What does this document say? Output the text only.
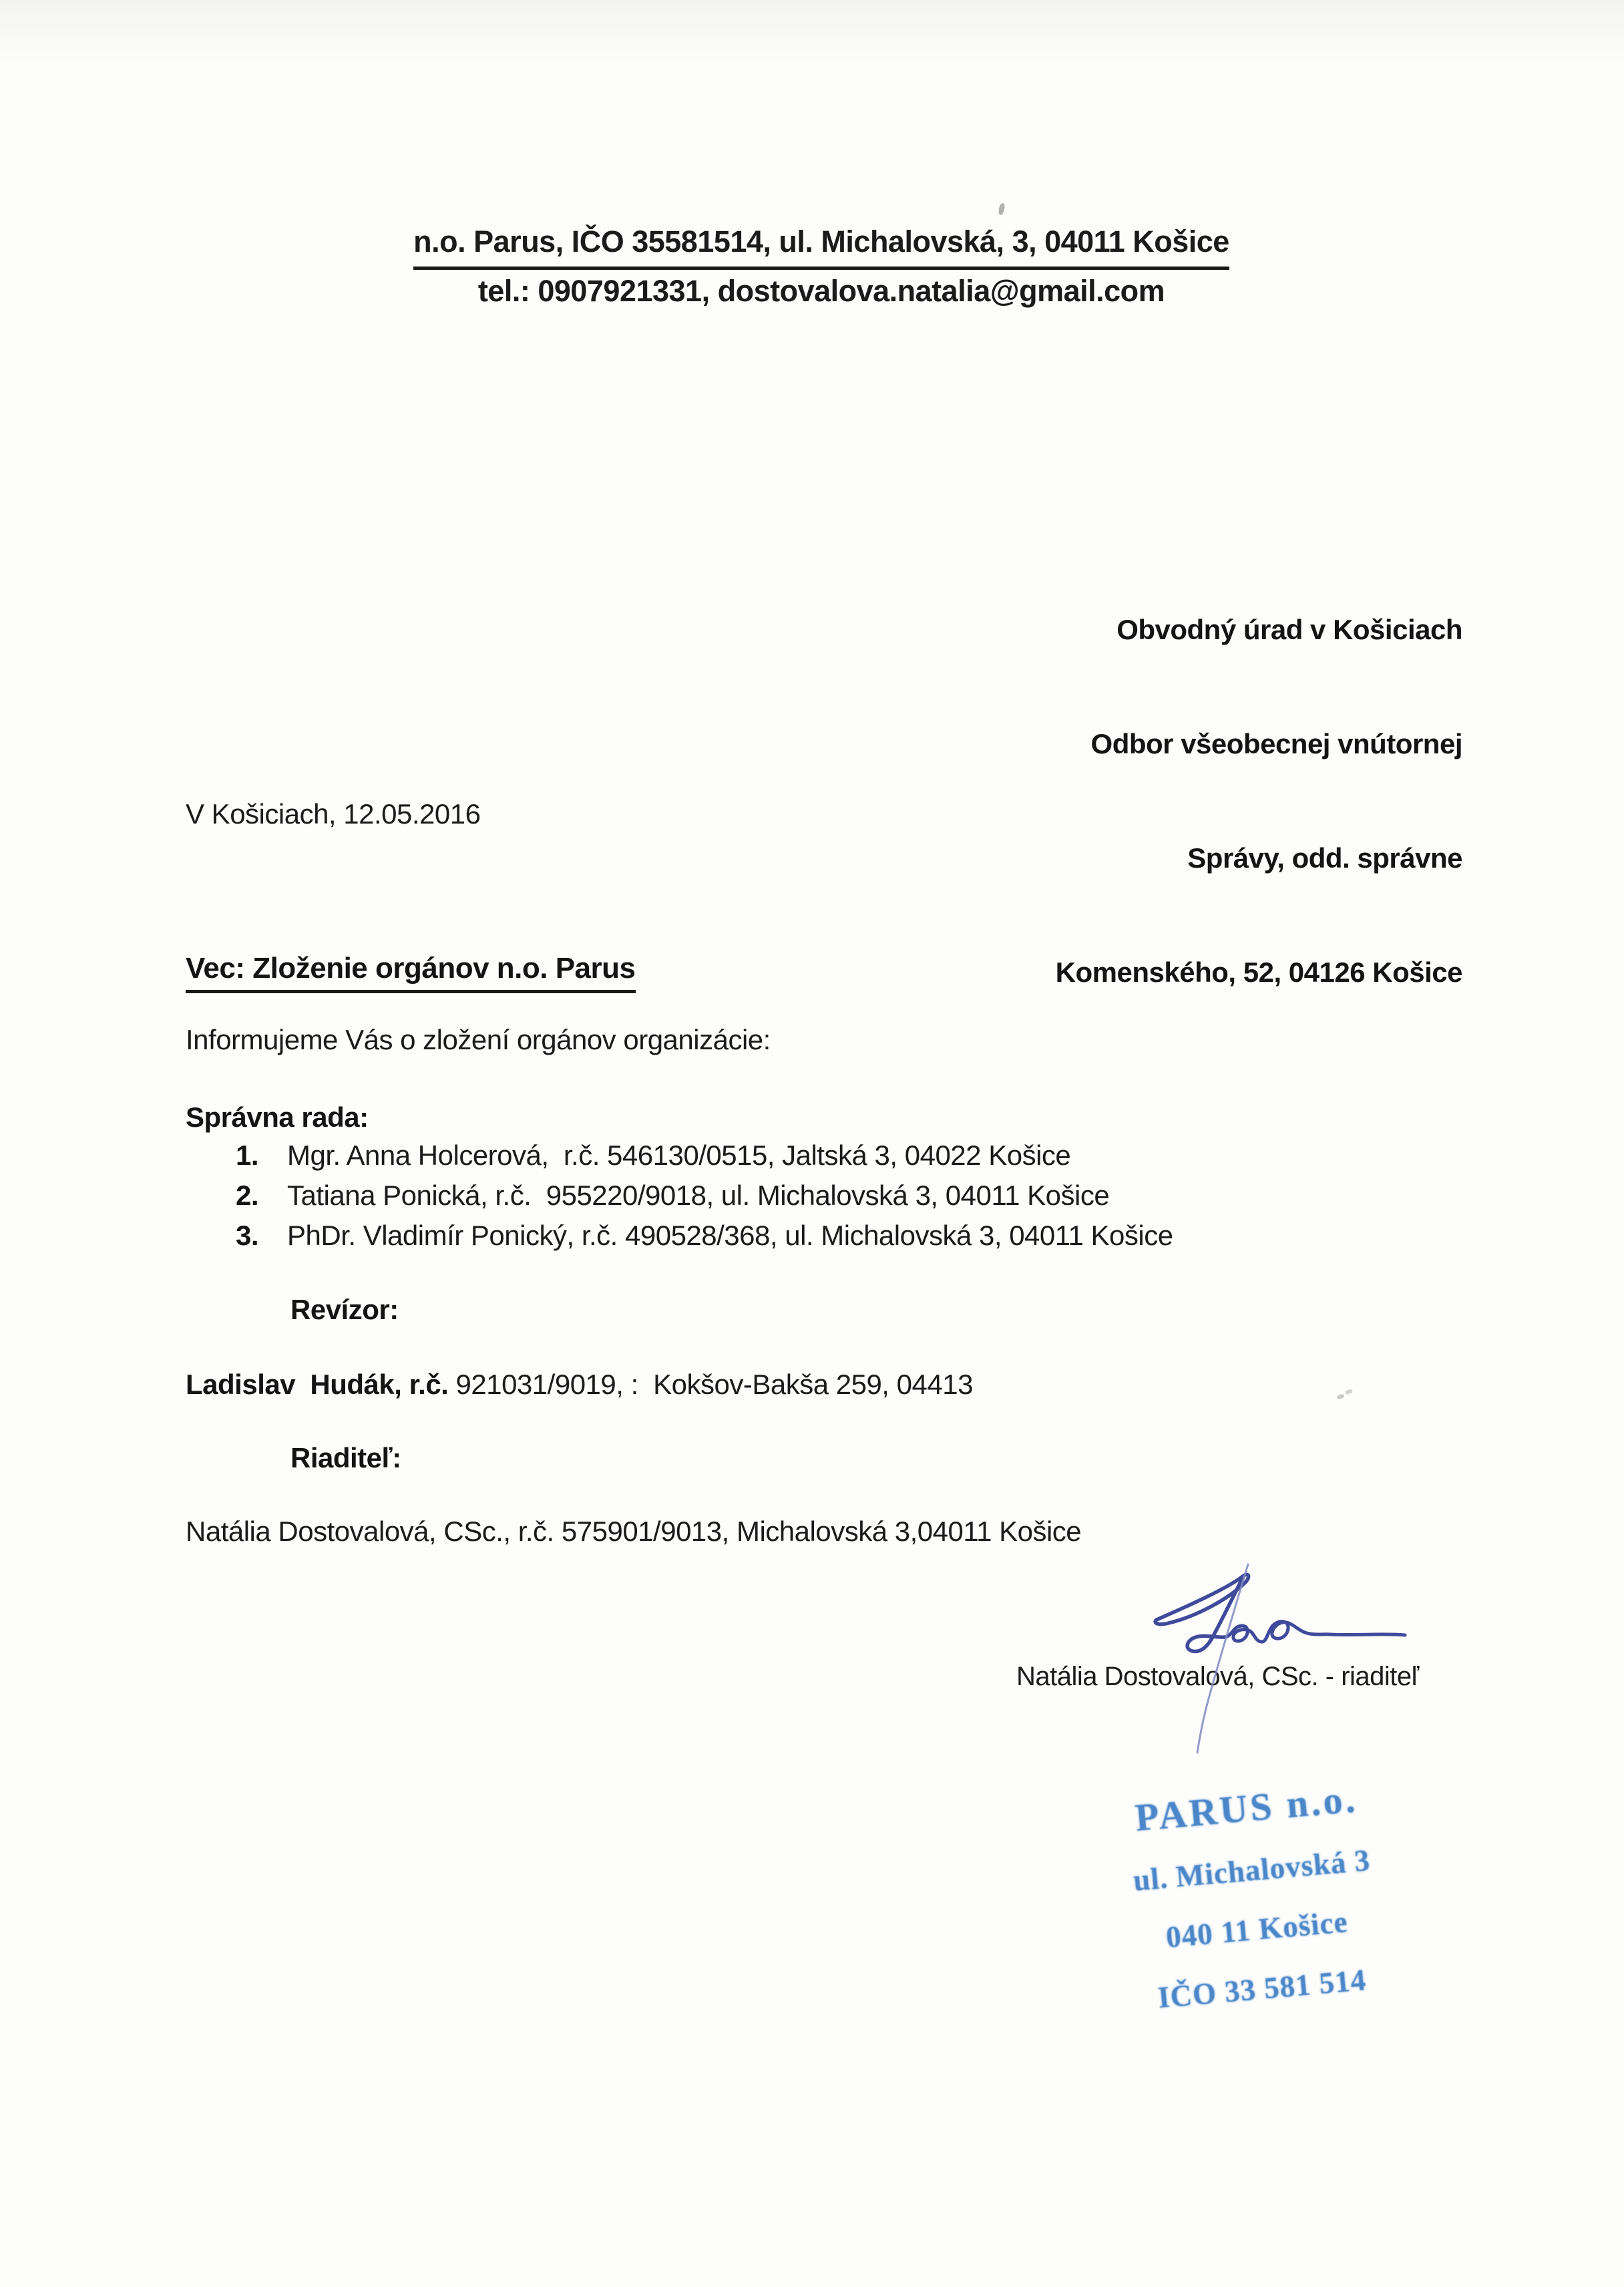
n.o. Parus, IČO 35581514, ul. Michalovská, 3, 04011 Košice
tel.: 0907921331, dostovalova.natalia@gmail.com

Obvodný úrad v Košiciach

Odbor všeobecnej vnútornej

Správy, odd. správne

Komenského, 52, 04126 Košice

V Košiciach, 12.05.2016
Vec: Zloženie orgánov n.o. Parus
Informujeme Vás o zložení orgánov organizácie:
Správna rada:
1.	Mgr. Anna Holcerová,  r.č. 546130/0515, Jaltská 3, 04022 Košice
2.	Tatiana Ponická, r.č.  955220/9018, ul. Michalovská 3, 04011 Košice
3.	PhDr. Vladimír Ponický, r.č. 490528/368, ul. Michalovská 3, 04011 Košice
Revízor:
Ladislav  Hudák, r.č. 921031/9019, :  Kokšov-Bakša 259, 04413
Riaditeľ:
Natália Dostovalová, CSc., r.č. 575901/9013, Michalovská 3,04011 Košice
Natália Dostovalová, CSc. - riaditeľ

PARUS n.o.

ul. Michalovská 3

040 11 Košice

IČO 33 581 514
